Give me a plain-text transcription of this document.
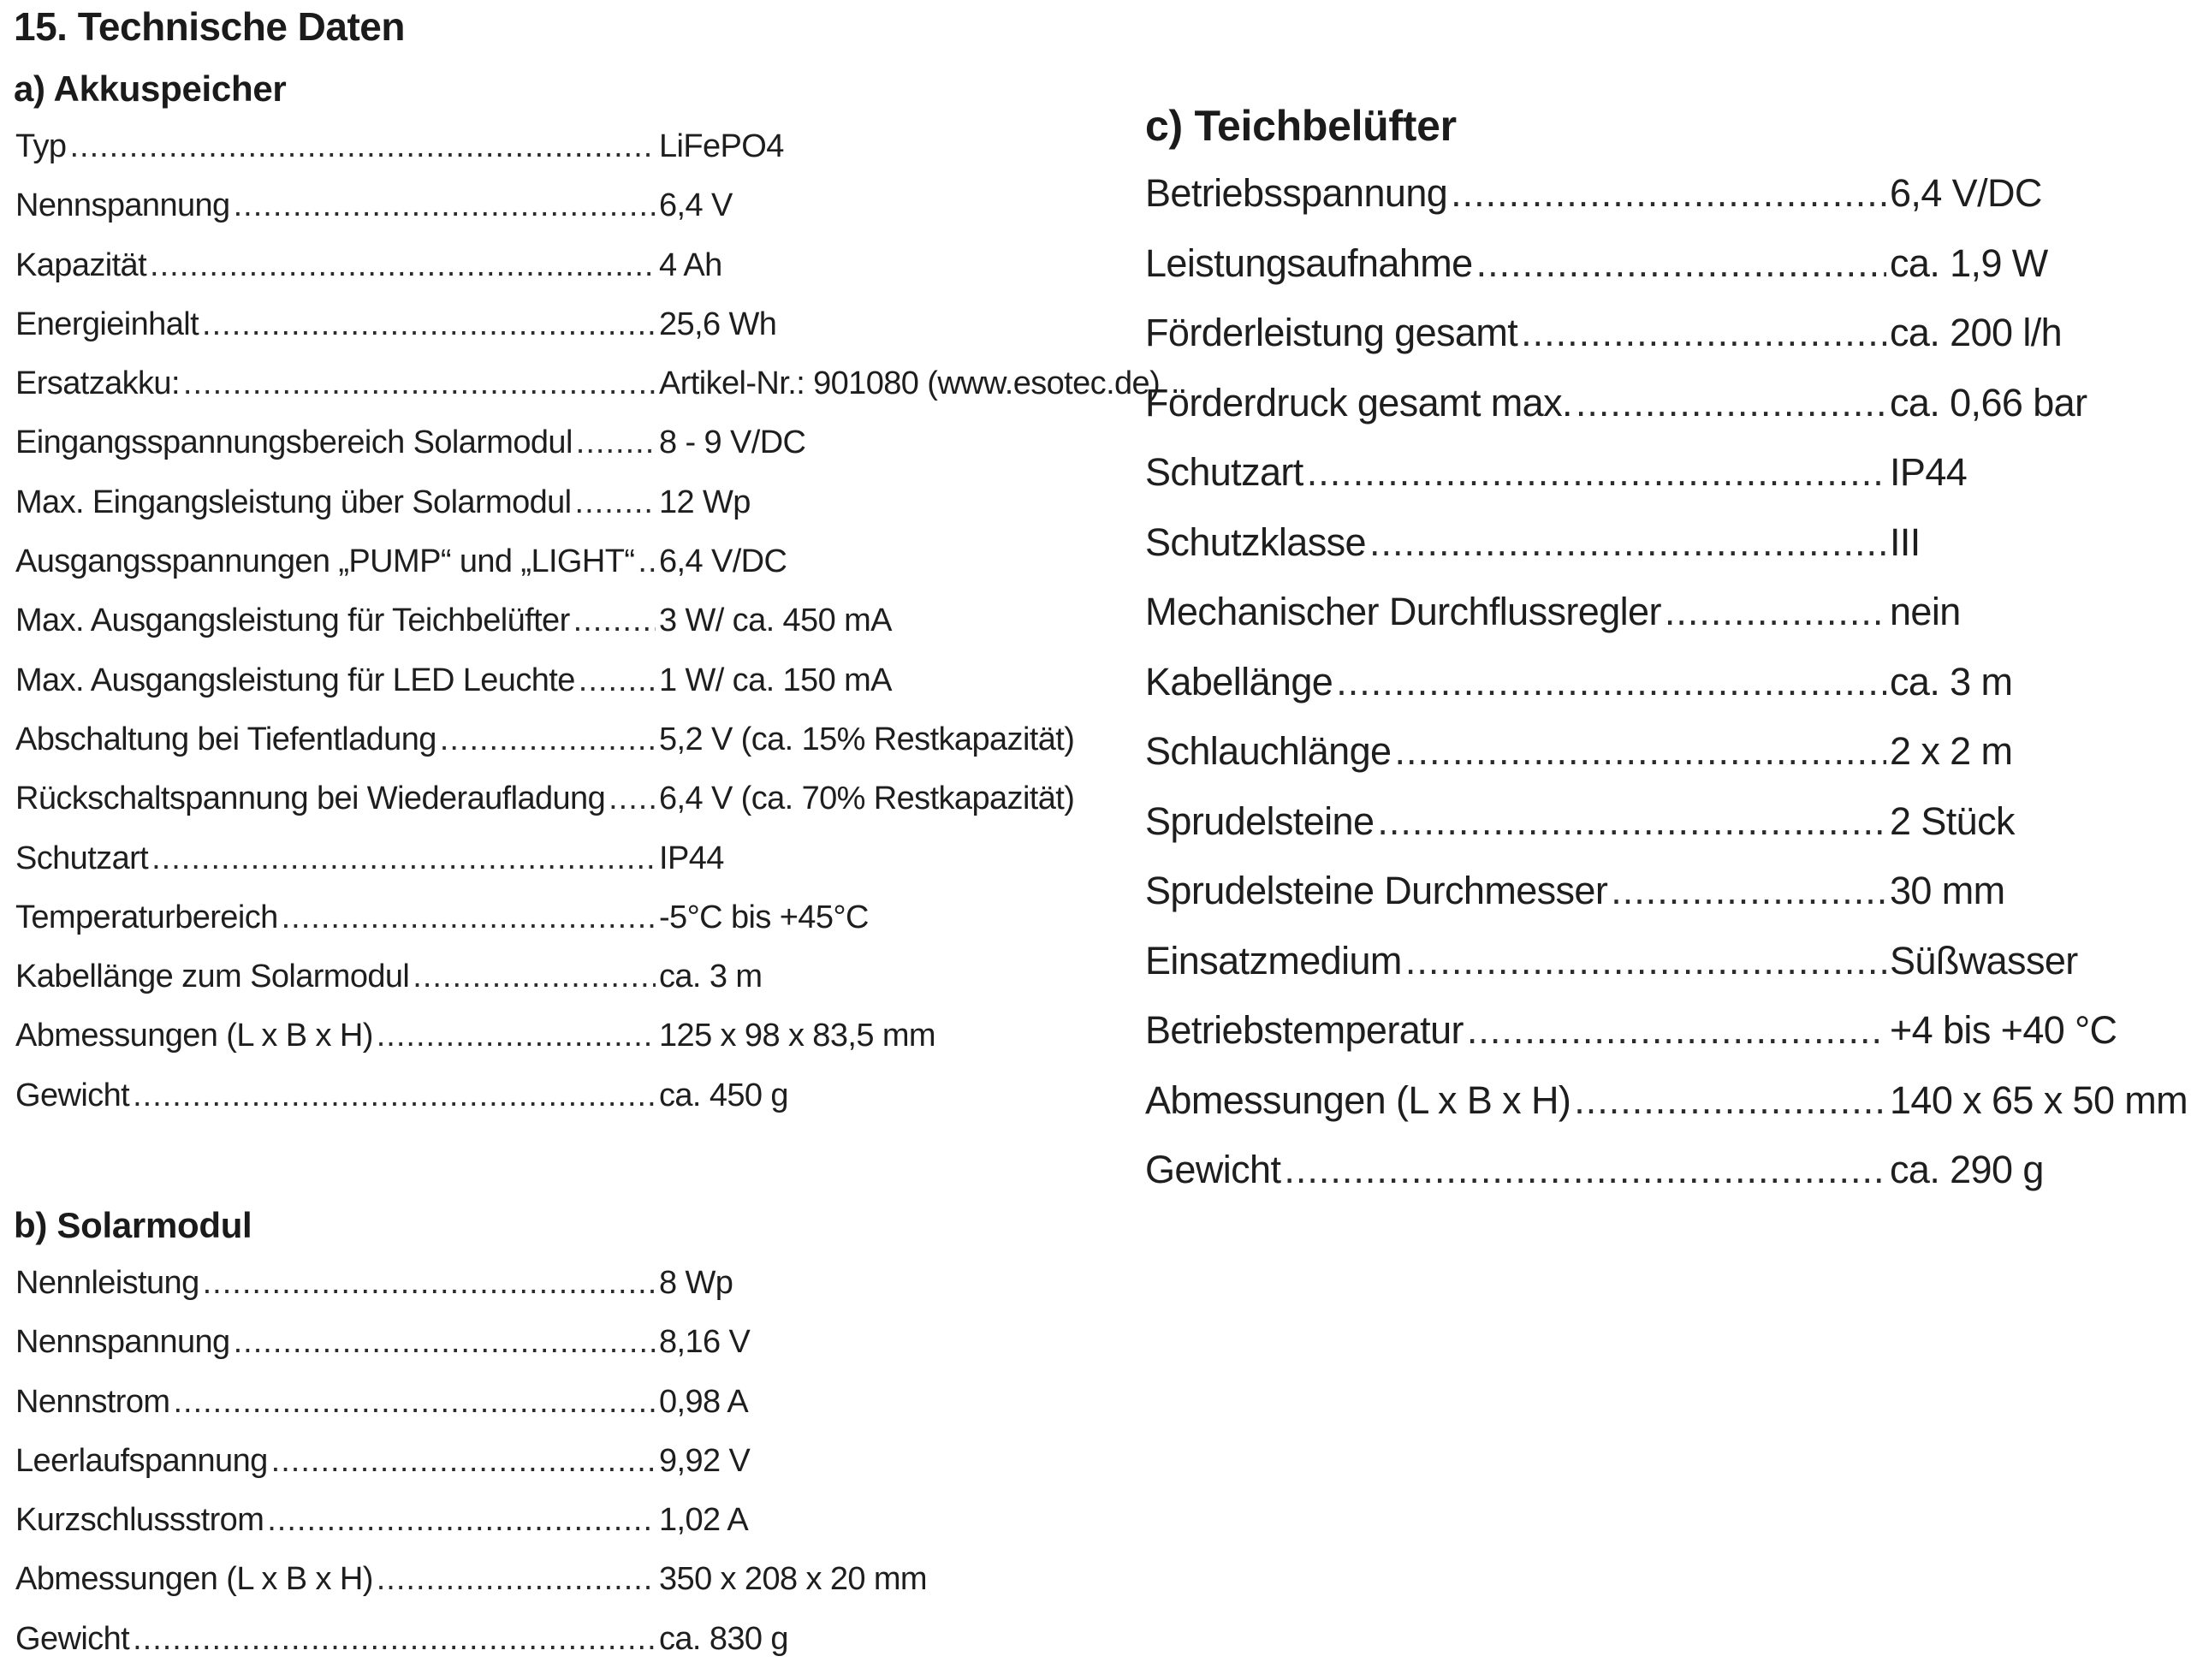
15. Technische Daten
a) Akkuspeicher
Typ .....	LiFePO4
Nennspannung .....	6,4 V
Kapazität .....	4 Ah
Energieinhalt .....	25,6 Wh
Ersatzakku: .....	Artikel-Nr.: 901080 (www.esotec.de)
Eingangsspannungsbereich Solarmodul .....	8 - 9 V/DC
Max. Eingangsleistung über Solarmodul .....	12 Wp
Ausgangsspannungen „PUMP“ und „LIGHT“ ..... 6,4 V/DC
Max. Ausgangsleistung für Teichbelüfter .....	3 W/ ca. 450 mA
Max. Ausgangsleistung für LED Leuchte .....	1 W/ ca. 150 mA
Abschaltung bei Tiefentladung .....	5,2 V (ca. 15% Restkapazität)
Rückschaltspannung bei Wiederaufladung ..... 6,4 V (ca. 70% Restkapazität)
Schutzart .....	IP44
Temperaturbereich .....	-5°C bis +45°C
Kabellänge zum Solarmodul .....	ca. 3 m
Abmessungen (L x B x H) .....	125 x 98 x 83,5 mm
Gewicht .....	ca. 450 g
b) Solarmodul
Nennleistung .....	8 Wp
Nennspannung .....	8,16 V
Nennstrom .....	0,98 A
Leerlaufspannung .....	9,92 V
Kurzschlussstrom .....	1,02 A
Abmessungen (L x B x H) .....	350 x 208 x 20 mm
Gewicht .....	ca. 830 g
c) Teichbelüfter
Betriebsspannung .....	6,4 V/DC
Leistungsaufnahme .....	ca. 1,9 W
Förderleistung gesamt .....	ca. 200 l/h
Förderdruck gesamt max. .....	ca. 0,66 bar
Schutzart .....	IP44
Schutzklasse .....	III
Mechanischer Durchflussregler .....	nein
Kabellänge .....	ca. 3 m
Schlauchlänge .....	2 x 2 m
Sprudelsteine .....	2 Stück
Sprudelsteine Durchmesser .....	30 mm
Einsatzmedium .....	Süßwasser
Betriebstemperatur .....	+4 bis +40 °C
Abmessungen (L x B x H) .....	140 x 65 x 50 mm
Gewicht .....	ca. 290 g
